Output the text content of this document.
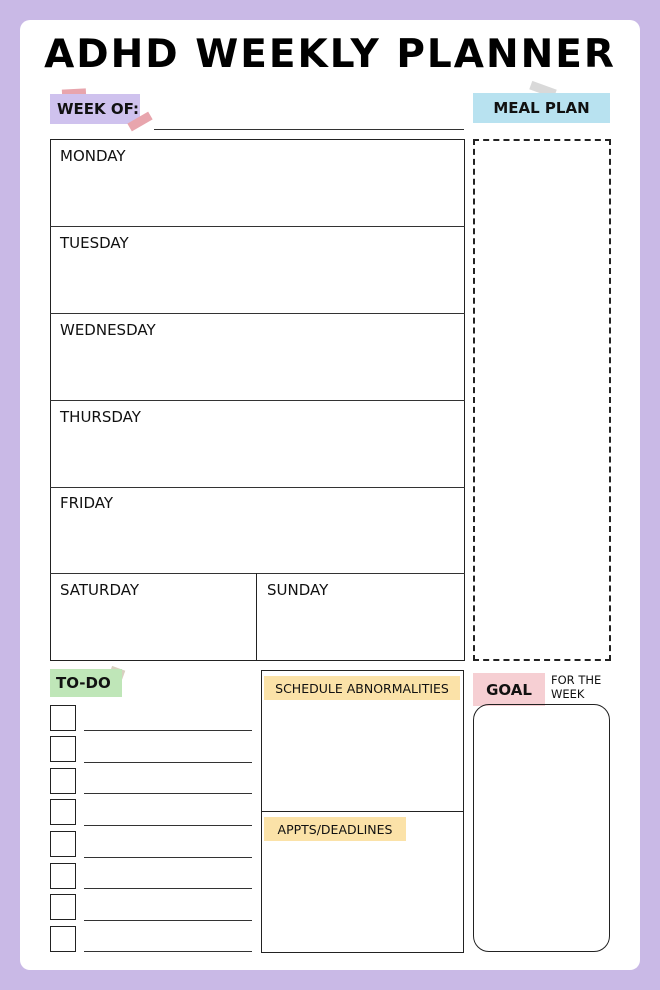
ADHD WEEKLY PLANNER
WEEK OF:	MEAL PLAN
MONDAY
TUESDAY
WEDNESDAY
THURSDAY
FRIDAY
SATURDAY	SUNDAY
TO-DO	SCHEDULE ABNORMALITIES
APPTS/DEADLINES
GOAL
FOR THE WEEK
